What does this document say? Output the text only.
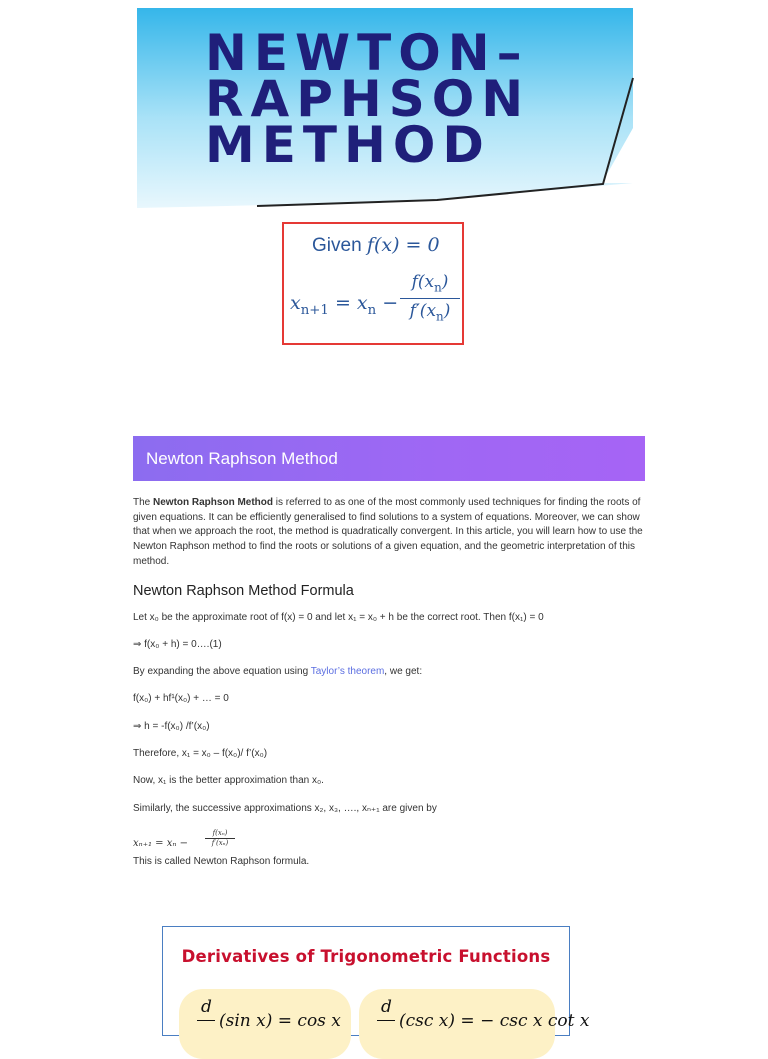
NEWTON–
RAPHSON
METHOD
Given f(x) = 0
$x_{n+1} = x_n$ −
$f(x_n)$
$f'(x_n)$
Newton Raphson Method

The Newton Raphson Method is referred to as one of the most commonly used techniques for finding the roots of given equations. It can be efficiently generalised to find solutions to a system of equations. Moreover, we can show that when we approach the root, the method is quadratically convergent. In this article, you will learn how to use the Newton Raphson method to find the roots or solutions of a given equation, and the geometric interpretation of this method.

Newton Raphson Method Formula

Let x₀ be the approximate root of f(x) = 0 and let x₁ = x₀ + h be the correct root. Then f(x₁) = 0

⇒ f(x₀ + h) = 0….(1)

By expanding the above equation using Taylor’s theorem, we get:

f(x₀) + hf¹(x₀) + … = 0

⇒ h = -f(x₀) /f’(x₀)

Therefore, x₁ = x₀ – f(x₀)/ f’(x₀)

Now, x₁ is the better approximation than x₀.

Similarly, the successive approximations x₂, x₃, …., xₙ₊₁ are given by

xₙ₊₁ = xₙ −
f(xₙ)
f′(xₙ)

This is called Newton Raphson formula.

Derivatives of Trigonometric Functions
d
(sin x) = cos x
d
(csc x) = − csc x cot x
